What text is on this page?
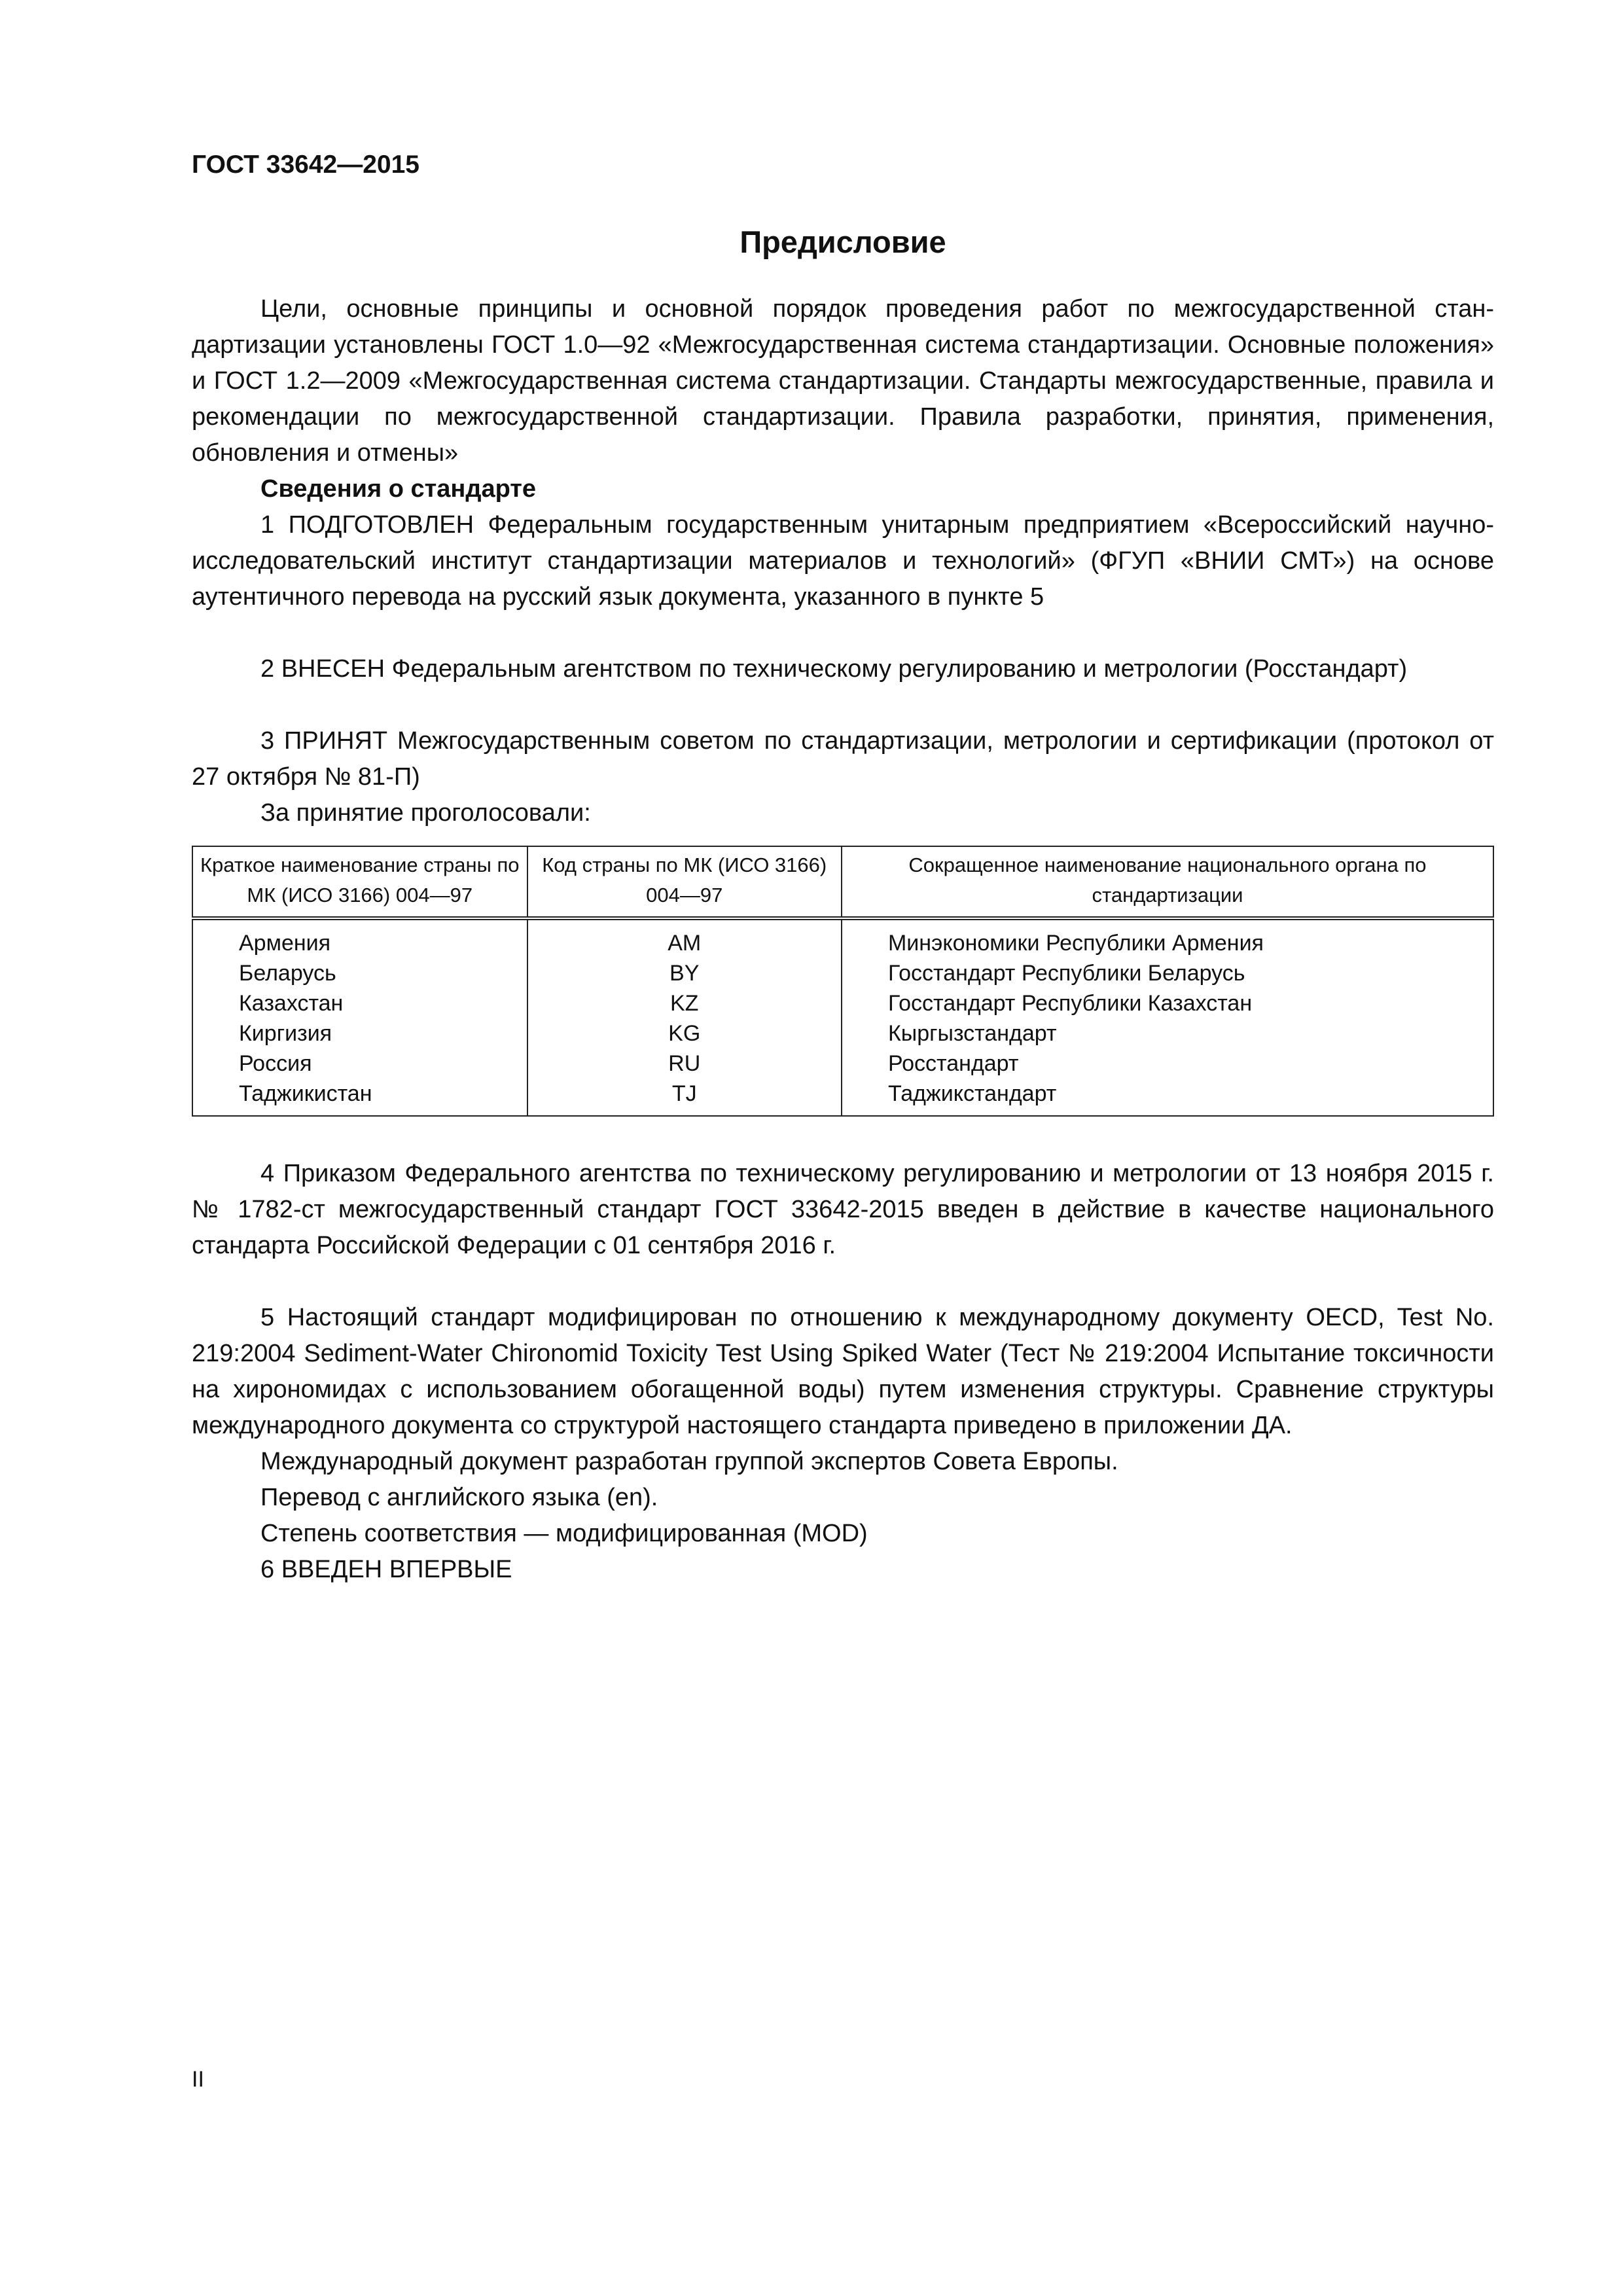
ГОСТ 33642—2015
Предисловие

Цели, основные принципы и основной порядок проведения работ по межгосударственной стандартизации установлены ГОСТ 1.0—92 «Межгосударственная система стандартизации. Основные положения» и ГОСТ 1.2—2009 «Межгосударственная система стандартизации. Стандарты межгосударственные, правила и рекомендации по межгосударственной стандартизации. Правила разработки, принятия, применения, обновления и отмены»

Сведения о стандарте

1 ПОДГОТОВЛЕН Федеральным государственным унитарным предприятием «Всероссийский научно-исследовательский институт стандартизации материалов и технологий» (ФГУП «ВНИИ СМТ») на основе аутентичного перевода на русский язык документа, указанного в пункте 5

2 ВНЕСЕН Федеральным агентством по техническому регулированию и метрологии (Росстандарт)

3 ПРИНЯТ Межгосударственным советом по стандартизации, метрологии и сертификации (протокол от 27 октября № 81-П)

За принятие проголосовали:

Краткое наименование страны по МК (ИСО 3166) 004—97	Код страны по МК (ИСО 3166) 004—97	Сокращенное наименование национального органа по стандартизации
Армения	AM	Минэкономики Республики Армения
Беларусь	BY	Госстандарт Республики Беларусь
Казахстан	KZ	Госстандарт Республики Казахстан
Киргизия	KG	Кыргызстандарт
Россия	RU	Росстандарт
Таджикистан	TJ	Таджикстандарт

4 Приказом Федерального агентства по техническому регулированию и метрологии от 13 ноября 2015 г. № 1782-ст межгосударственный стандарт ГОСТ 33642-2015 введен в действие в качестве национального стандарта Российской Федерации с 01 сентября 2016 г.

5 Настоящий стандарт модифицирован по отношению к международному документу OECD, Test No. 219:2004 Sediment-Water Chironomid Toxicity Test Using Spiked Water (Тест № 219:2004 Испытание токсичности на хирономидах с использованием обогащенной воды) путем изменения структуры. Сравнение структуры международного документа со структурой настоящего стандарта приведено в приложении ДА.

Международный документ разработан группой экспертов Совета Европы.

Перевод с английского языка (en).

Степень соответствия — модифицированная (MOD)

6 ВВЕДЕН ВПЕРВЫЕ

II
